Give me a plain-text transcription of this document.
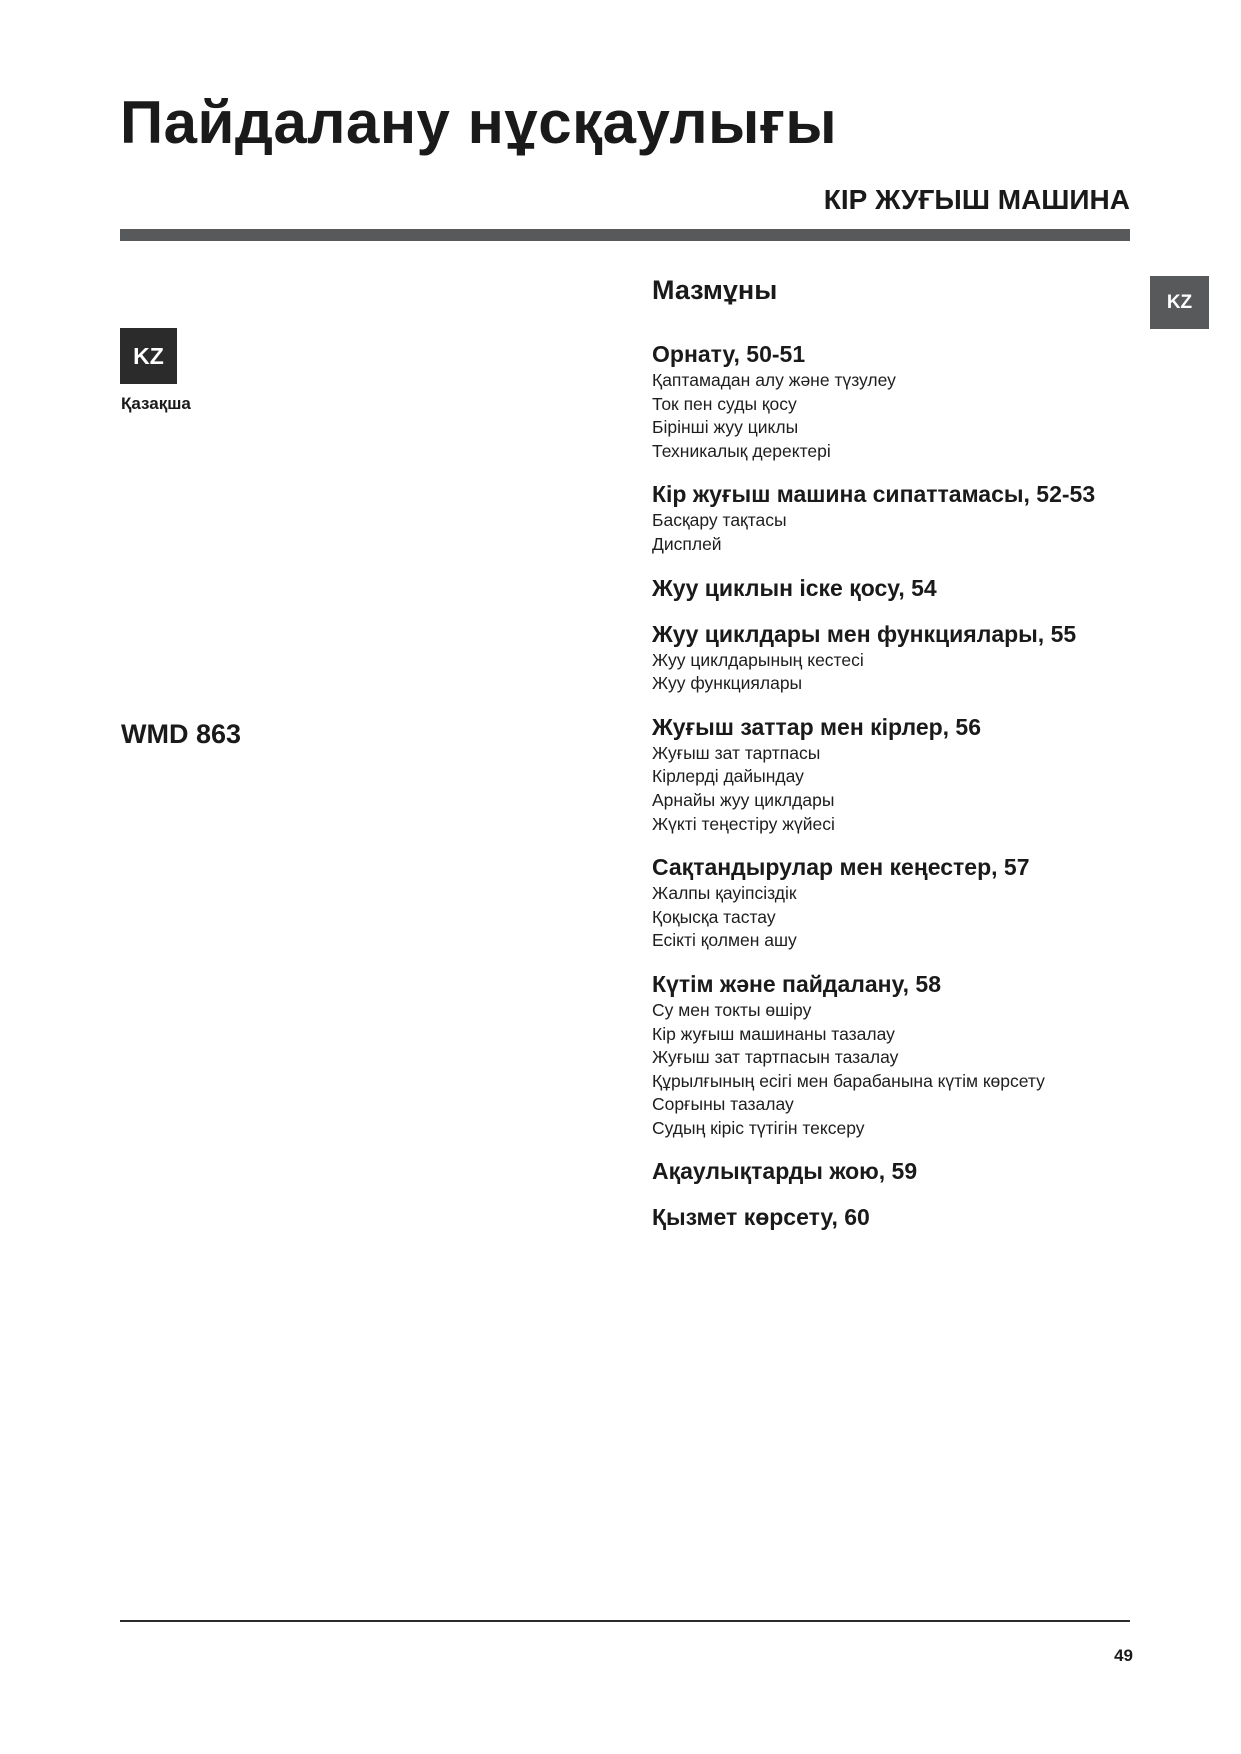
Пайдалану нұсқаулығы
КІР ЖУҒЫШ МАШИНА
KZ
Қазақша
KZ
WMD 863
Мазмұны
Орнату, 50-51
Қаптамадан алу және түзулеу
Ток пен суды қосу
Бірінші жуу циклы
Техникалық деректері
Кір жуғыш машина сипаттамасы, 52-53
Басқару тақтасы
Дисплей
Жуу циклын іске қосу, 54
Жуу циклдары мен функциялары, 55
Жуу циклдарының кестесі
Жуу функциялары
Жуғыш заттар мен кірлер, 56
Жуғыш зат тартпасы
Кірлерді дайындау
Арнайы жуу циклдары
Жүкті теңестіру жүйесі
Сақтандырулар мен кеңестер, 57
Жалпы қауіпсіздік
Қоқысқа тастау
Есікті қолмен ашу
Күтім және пайдалану, 58
Су мен токты өшіру
Кір жуғыш машинаны тазалау
Жуғыш зат тартпасын тазалау
Құрылғының есігі мен барабанына күтім көрсету
Сорғыны тазалау
Судың кіріс түтігін тексеру
Ақаулықтарды жою, 59
Қызмет көрсету, 60
49
